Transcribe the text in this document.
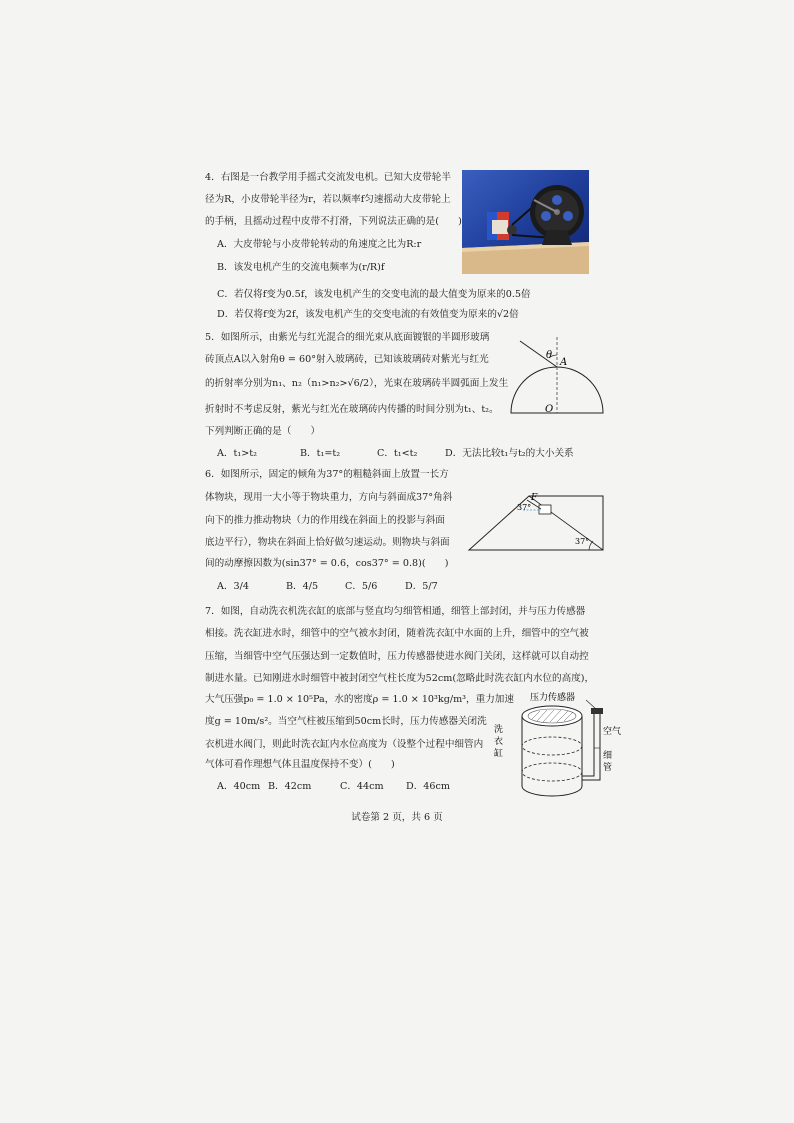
4．右图是一台教学用手摇式交流发电机。已知大皮带轮半
径为R，小皮带轮半径为r，若以频率f匀速摇动大皮带轮上
的手柄，且摇动过程中皮带不打滑，下列说法正确的是(　　)
A．大皮带轮与小皮带轮转动的角速度之比为R:r
B．该发电机产生的交流电频率为(r/R)f
C．若仅将f变为0.5f，该发电机产生的交变电流的最大值变为原来的0.5倍
D．若仅将f变为2f，该发电机产生的交变电流的有效值变为原来的√2倍
5．如图所示，由紫光与红光混合的细光束从底面镀银的半圆形玻璃
砖顶点A以入射角θ = 60°射入玻璃砖，已知该玻璃砖对紫光与红光
的折射率分别为n₁、n₂（n₁>n₂>√6/2），光束在玻璃砖半圆弧面上发生
折射时不考虑反射，紫光与红光在玻璃砖内传播的时间分别为t₁、t₂。
下列判断正确的是（　　）
A．t₁>t₂	B．t₁=t₂	C．t₁<t₂	D．无法比较t₁与t₂的大小关系
θ
A
O
6．如图所示，固定的倾角为37°的粗糙斜面上放置一长方
体物块，现用一大小等于物块重力，方向与斜面成37°角斜
向下的推力推动物块（力的作用线在斜面上的投影与斜面
底边平行），物块在斜面上恰好做匀速运动。则物块与斜面
间的动摩擦因数为(sin37° = 0.6，cos37° = 0.8)(　　)
A．3/4	B．4/5	C．5/6	D．5/7
F
37°
37°
7．如图，自动洗衣机洗衣缸的底部与竖直均匀细管相通，细管上部封闭，并与压力传感器
相接。洗衣缸进水时，细管中的空气被水封闭，随着洗衣缸中水面的上升，细管中的空气被
压缩，当细管中空气压强达到一定数值时，压力传感器使进水阀门关闭，这样就可以自动控
制进水量。已知刚进水时细管中被封闭空气柱长度为52cm(忽略此时洗衣缸内水位的高度)，
大气压强p₀ = 1.0 × 10⁵Pa，水的密度ρ = 1.0 × 10³kg/m³，重力加速
度g = 10m/s²。当空气柱被压缩到50cm长时，压力传感器关闭洗
衣机进水阀门，则此时洗衣缸内水位高度为（设整个过程中细管内
气体可看作理想气体且温度保持不变）(　　)
A．40cm B．42cm	C．44cm D．46cm
压力传感器
空气
洗
衣
缸	细
管
试卷第 2 页，共 6 页
